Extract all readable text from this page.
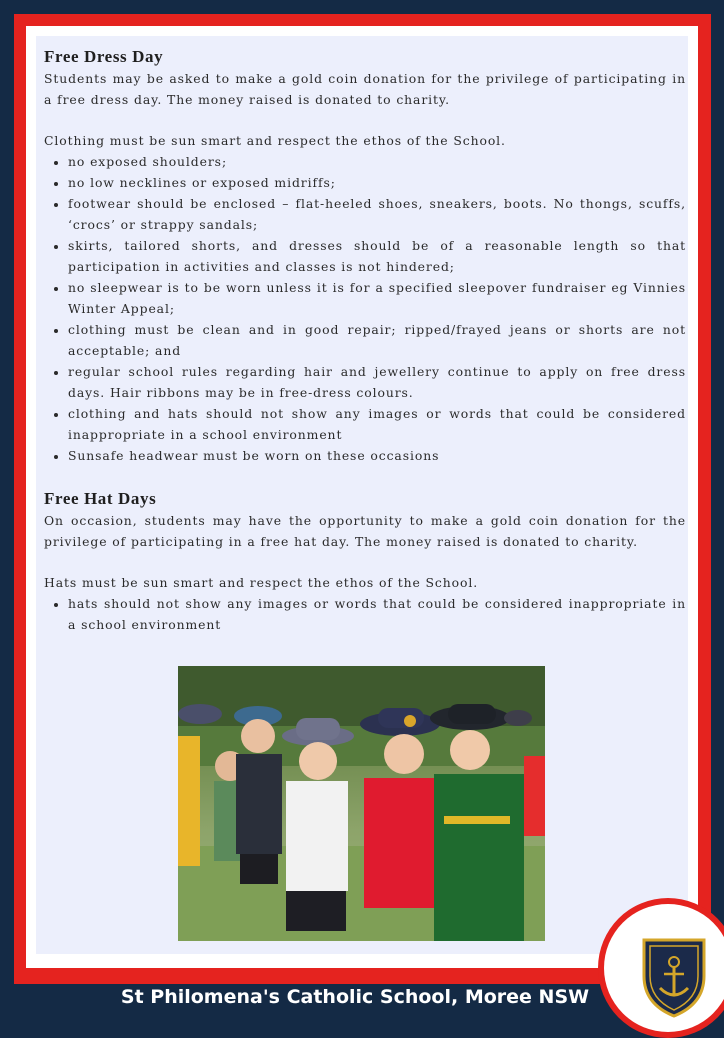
Free Dress Day

Students may be asked to make a gold coin donation for the privilege of participating in a free dress day. The money raised is donated to charity.

Clothing must be sun smart and respect the ethos of the School.

• no exposed shoulders;
• no low necklines or exposed midriffs;
• footwear should be enclosed – flat-heeled shoes, sneakers, boots. No thongs, scuffs, ‘crocs’ or strappy sandals;
• skirts, tailored shorts, and dresses should be of a reasonable length so that participation in activities and classes is not hindered;
• no sleepwear is to be worn unless it is for a specified sleepover fundraiser eg Vinnies Winter Appeal;
• clothing must be clean and in good repair; ripped/frayed jeans or shorts are not acceptable; and
• regular school rules regarding hair and jewellery continue to apply on free dress days. Hair ribbons may be in free-dress colours.
• clothing and hats should not show any images or words that could be considered inappropriate in a school environment
• Sunsafe headwear must be worn on these occasions
Free Hat Days

On occasion, students may have the opportunity to make a gold coin donation for the privilege of participating in a free hat day. The money raised is donated to charity.

Hats must be sun smart and respect the ethos of the School.

• hats should not show any images or words that could be considered inappropriate in a school environment
St Philomena's Catholic School, Moree NSW
